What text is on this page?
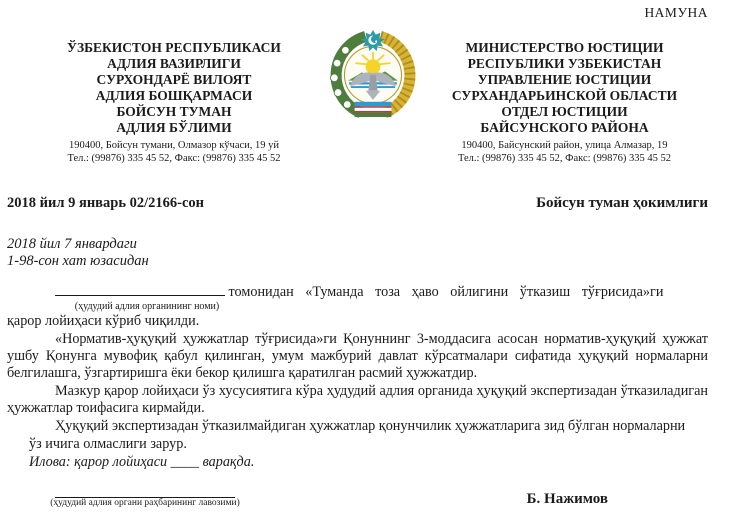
НАМУНА
ЎЗБЕКИСТОН РЕСПУБЛИКАСИ
АДЛИЯ ВАЗИРЛИГИ
СУРХОНДАРЁ ВИЛОЯТ
АДЛИЯ БОШҚАРМАСИ
БОЙСУН ТУМАН
АДЛИЯ БЎЛИМИ
190400, Бойсун тумани, Олмазор кўчаси, 19 уй
Тел.: (99876) 335 45 52, Факс: (99876) 335 45 52
МИНИСТЕРСТВО ЮСТИЦИИ
РЕСПУБЛИКИ УЗБЕКИСТАН
УПРАВЛЕНИЕ ЮСТИЦИИ
СУРХАНДАРЬИНСКОЙ ОБЛАСТИ
ОТДЕЛ ЮСТИЦИИ
БАЙСУНСКОГО РАЙОНА
190400, Байсунский район, улица Алмазар, 19
Тел.: (99876) 335 45 52, Факс: (99876) 335 45 52
2018 йил 9 январь 02/2166-сон	Бойсун туман ҳокимлиги
2018 йил 7 январдаги
1-98-сон хат юзасидан
томонидан «Туманда тоза ҳаво ойлигини ўтказиш тўғрисида»ги
(ҳудудий адлия органининг номи)
қарор лойиҳаси кўриб чиқилди.
«Норматив-ҳуқуқий ҳужжатлар тўғрисида»ги Қонуннинг 3-моддасига асосан норматив-ҳуқуқий ҳужжат ушбу Қонунга мувофиқ қабул қилинган, умум мажбурий давлат кўрсатмалари сифатида ҳуқуқий нормаларни белгилашга, ўзгартиришга ёки бекор қилишга қаратилган расмий ҳужжатдир.
Мазкур қарор лойиҳаси ўз хусусиятига кўра ҳудудий адлия органида ҳуқуқий экспертизадан ўтказиладиган ҳужжатлар тоифасига кирмайди.
Ҳуқуқий экспертизадан ўтказилмайдиган ҳужжатлар қонунчилик ҳужжатларига зид бўлган нормаларни
ўз ичига олмаслиги зарур.
Илова: қарор лойиҳаси ____ варақда.
(ҳудудий адлия органи раҳбарининг лавозими)	Б. Нажимов
